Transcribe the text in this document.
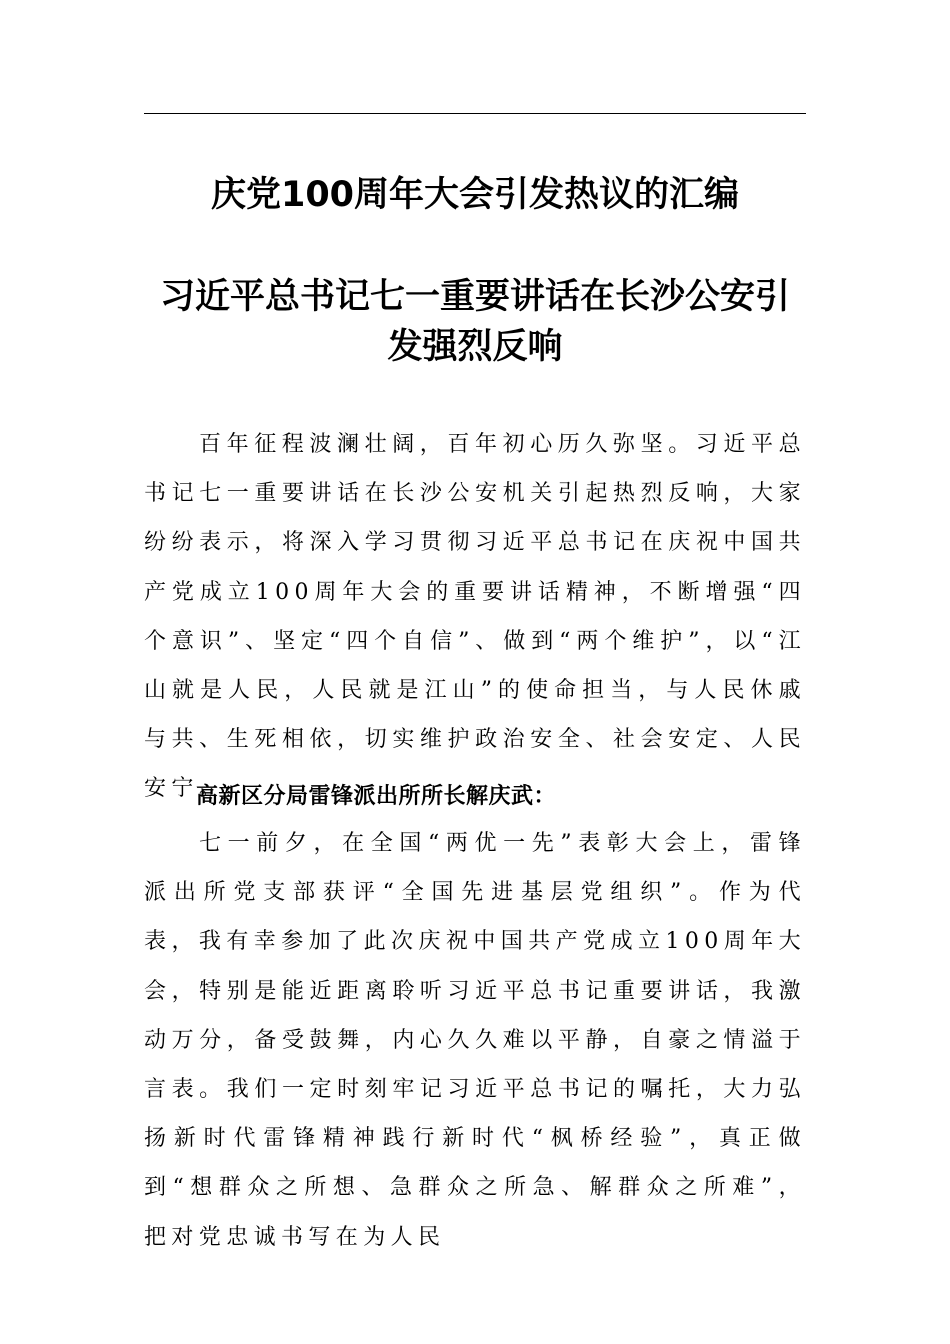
庆党100周年大会引发热议的汇编
习近平总书记七一重要讲话在长沙公安引发强烈反响

百年征程波澜壮阔，百年初心历久弥坚。习近平总书记七一重要讲话在长沙公安机关引起热烈反响，大家纷纷表示，将深入学习贯彻习近平总书记在庆祝中国共产党成立100周年大会的重要讲话精神，不断增强“四个意识”、坚定“四个自信”、做到“两个维护”，以“江山就是人民，人民就是江山”的使命担当，与人民休戚与共、生死相依，切实维护政治安全、社会安定、人民安宁。

高新区分局雷锋派出所所长解庆武：

七一前夕，在全国“两优一先”表彰大会上，雷锋派出所党支部获评“全国先进基层党组织”。作为代表，我有幸参加了此次庆祝中国共产党成立100周年大会，特别是能近距离聆听习近平总书记重要讲话，我激动万分，备受鼓舞，内心久久难以平静，自豪之情溢于言表。我们一定时刻牢记习近平总书记的嘱托，大力弘扬新时代雷锋精神践行新时代“枫桥经验”，真正做到“想群众之所想、急群众之所急、解群众之所难”，把对党忠诚书写在为人民
